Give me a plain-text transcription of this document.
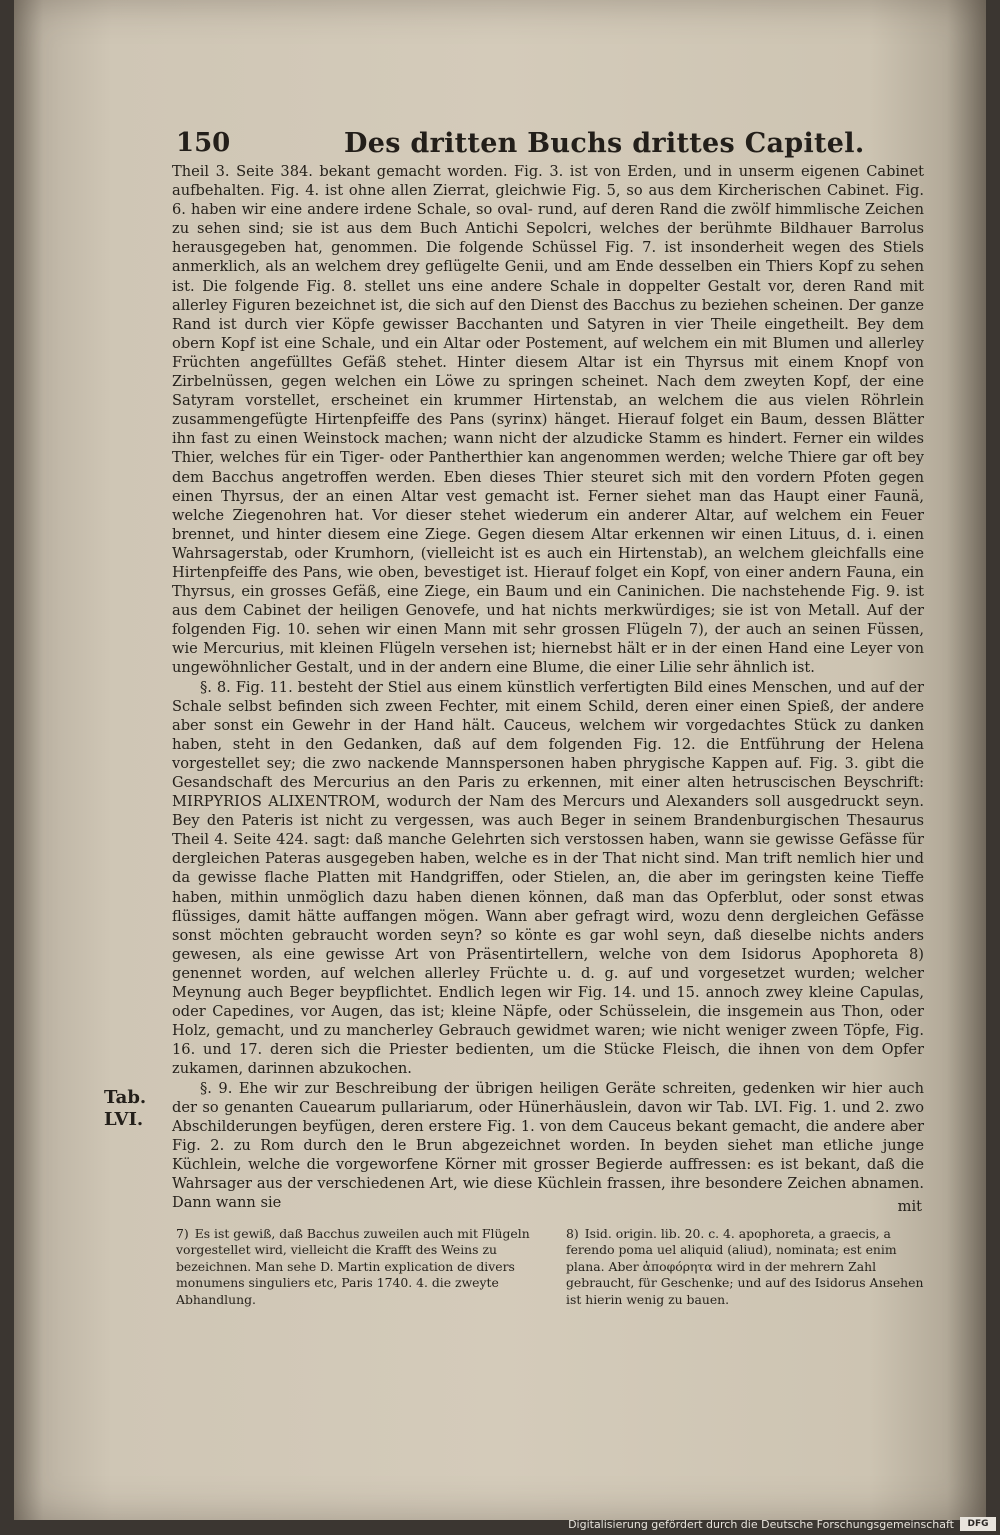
150	Des dritten Buchs drittes Capitel.
Tab.
LVI.

Theil 3. Seite 384. bekant gemacht worden. Fig. 3. ist von Erden, und in unserm eigenen Cabinet aufbehalten. Fig. 4. ist ohne allen Zierrat, gleichwie Fig. 5, so aus dem Kircherischen Cabinet. Fig. 6. haben wir eine andere irdene Schale, so oval- rund, auf deren Rand die zwölf himmlische Zeichen zu sehen sind; sie ist aus dem Buch Antichi Sepolcri, welches der berühmte Bildhauer Barrolus herausgegeben hat, genommen. Die folgende Schüssel Fig. 7. ist insonderheit wegen des Stiels anmerklich, als an welchem drey geflügelte Genii, und am Ende desselben ein Thiers Kopf zu sehen ist. Die folgende Fig. 8. stellet uns eine andere Schale in doppelter Gestalt vor, deren Rand mit allerley Figuren bezeichnet ist, die sich auf den Dienst des Bacchus zu beziehen scheinen. Der ganze Rand ist durch vier Köpfe gewisser Bacchanten und Satyren in vier Theile eingetheilt. Bey dem obern Kopf ist eine Schale, und ein Altar oder Postement, auf welchem ein mit Blumen und allerley Früchten angefülltes Gefäß stehet. Hinter diesem Altar ist ein Thyrsus mit einem Knopf von Zirbelnüssen, gegen welchen ein Löwe zu springen scheinet. Nach dem zweyten Kopf, der eine Satyram vorstellet, erscheinet ein krummer Hirtenstab, an welchem die aus vielen Röhrlein zusammengefügte Hirtenpfeiffe des Pans (syrinx) hänget. Hierauf folget ein Baum, dessen Blätter ihn fast zu einen Weinstock machen; wann nicht der alzudicke Stamm es hindert. Ferner ein wildes Thier, welches für ein Tiger- oder Pantherthier kan angenommen werden; welche Thiere gar oft bey dem Bacchus angetroffen werden. Eben dieses Thier steuret sich mit den vordern Pfoten gegen einen Thyrsus, der an einen Altar vest gemacht ist. Ferner siehet man das Haupt einer Faunä, welche Ziegenohren hat. Vor dieser stehet wiederum ein anderer Altar, auf welchem ein Feuer brennet, und hinter diesem eine Ziege. Gegen diesem Altar erkennen wir einen Lituus, d. i. einen Wahrsagerstab, oder Krumhorn, (vielleicht ist es auch ein Hirtenstab), an welchem gleichfalls eine Hirtenpfeiffe des Pans, wie oben, bevestiget ist. Hierauf folget ein Kopf, von einer andern Fauna, ein Thyrsus, ein grosses Gefäß, eine Ziege, ein Baum und ein Caninichen. Die nachstehende Fig. 9. ist aus dem Cabinet der heiligen Genovefe, und hat nichts merkwürdiges; sie ist von Metall. Auf der folgenden Fig. 10. sehen wir einen Mann mit sehr grossen Flügeln 7), der auch an seinen Füssen, wie Mercurius, mit kleinen Flügeln versehen ist; hiernebst hält er in der einen Hand eine Leyer von ungewöhnlicher Gestalt, und in der andern eine Blume, die einer Lilie sehr ähnlich ist.

§. 8. Fig. 11. besteht der Stiel aus einem künstlich verfertigten Bild eines Menschen, und auf der Schale selbst befinden sich zween Fechter, mit einem Schild, deren einer einen Spieß, der andere aber sonst ein Gewehr in der Hand hält. Cauceus, welchem wir vorgedachtes Stück zu danken haben, steht in den Gedanken, daß auf dem folgenden Fig. 12. die Entführung der Helena vorgestellet sey; die zwo nackende Mannspersonen haben phrygische Kappen auf. Fig. 3. gibt die Gesandschaft des Mercurius an den Paris zu erkennen, mit einer alten hetruscischen Beyschrift: MIRPYRIOS ALIXENTROM, wodurch der Nam des Mercurs und Alexanders soll ausgedruckt seyn. Bey den Pateris ist nicht zu vergessen, was auch Beger in seinem Brandenburgischen Thesaurus Theil 4. Seite 424. sagt: daß manche Gelehrten sich verstossen haben, wann sie gewisse Gefässe für dergleichen Pateras ausgegeben haben, welche es in der That nicht sind. Man trift nemlich hier und da gewisse flache Platten mit Handgriffen, oder Stielen, an, die aber im geringsten keine Tieffe haben, mithin unmöglich dazu haben dienen können, daß man das Opferblut, oder sonst etwas flüssiges, damit hätte auffangen mögen. Wann aber gefragt wird, wozu denn dergleichen Gefässe sonst möchten gebraucht worden seyn? so könte es gar wohl seyn, daß dieselbe nichts anders gewesen, als eine gewisse Art von Präsentirtellern, welche von dem Isidorus Apophoreta 8) genennet worden, auf welchen allerley Früchte u. d. g. auf und vorgesetzet wurden; welcher Meynung auch Beger beypflichtet. Endlich legen wir Fig. 14. und 15. annoch zwey kleine Capulas, oder Capedines, vor Augen, das ist; kleine Näpfe, oder Schüsselein, die insgemein aus Thon, oder Holz, gemacht, und zu mancherley Gebrauch gewidmet waren; wie nicht weniger zween Töpfe, Fig. 16. und 17. deren sich die Priester bedienten, um die Stücke Fleisch, die ihnen von dem Opfer zukamen, darinnen abzukochen.

§. 9. Ehe wir zur Beschreibung der übrigen heiligen Geräte schreiten, gedenken wir hier auch der so genanten Cauearum pullariarum, oder Hünerhäuslein, davon wir Tab. LVI. Fig. 1. und 2. zwo Abschilderungen beyfügen, deren erstere Fig. 1. von dem Cauceus bekant gemacht, die andere aber Fig. 2. zu Rom durch den le Brun abgezeichnet worden. In beyden siehet man etliche junge Küchlein, welche die vorgeworfene Körner mit grosser Begierde auffressen: es ist bekant, daß die Wahrsager aus der verschiedenen Art, wie diese Küchlein frassen, ihre besondere Zeichen abnamen. Dann wann sie	mit
7) Es ist gewiß, daß Bacchus zuweilen auch mit Flügeln vorgestellet wird, vielleicht die Krafft des Weins zu bezeichnen. Man sehe D. Martin explication de divers monumens singuliers etc, Paris 1740. 4. die zweyte Abhandlung.
8) Isid. origin. lib. 20. c. 4. apophoreta, a graecis, a ferendo poma uel aliquid (aliud), nominata; est enim plana. Aber ἀποφόρητα wird in der mehrern Zahl gebraucht, für Geschenke; und auf des Isidorus Ansehen ist hierin wenig zu bauen.
Digitalisierung gefördert durch die Deutsche Forschungsgemeinschaft	DFG
